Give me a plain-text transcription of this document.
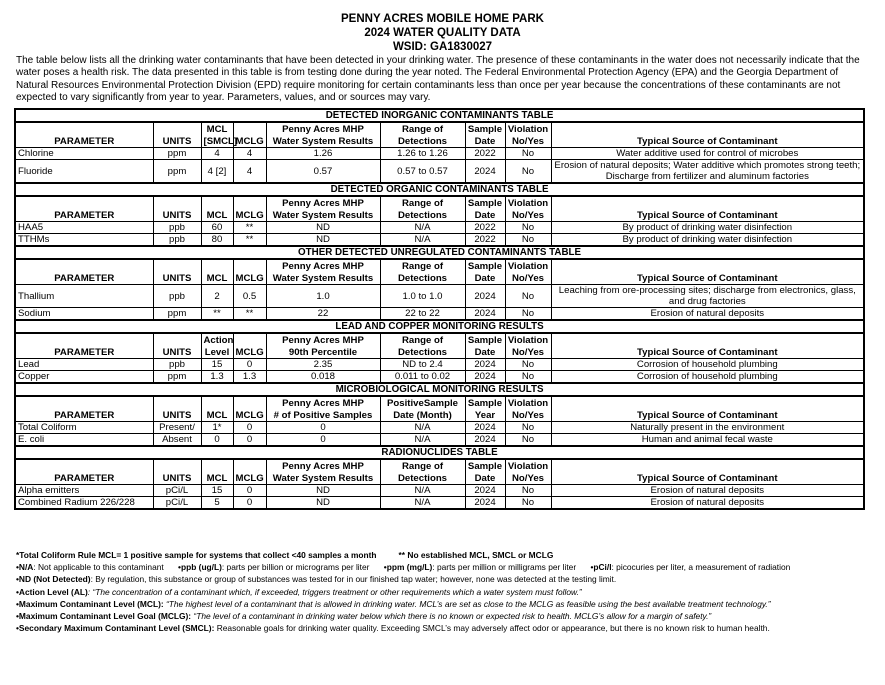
PENNY ACRES MOBILE HOME PARK
2024 WATER QUALITY DATA
WSID: GA1830027
The table below lists all the drinking water contaminants that have been detected in your drinking water. The presence of these contaminants in the water does not necessarily indicate that the water poses a health risk. The data presented in this table is from testing done during the year noted. The Federal Environmental Protection Agency (EPA) and the Georgia Department of Natural Resources Environmental Protection Division (EPD) require monitoring for certain contaminants less than once per year because the concentrations of these contaminants are not expected to vary significantly from year to year. Parameters, values, and or sources may vary.
DETECTED INORGANIC CONTAMINANTS TABLE								
		MCL		Penny Acres MHP	Range of	Sample	Violation	
PARAMETER	UNITS	[SMCL]	MCLG	Water System Results	Detections	Date	No/Yes	Typical Source of Contaminant
Chlorine	ppm	4	4	1.26	1.26 to 1.26	2022	No	Water additive used for control of microbes
Fluoride	ppm	4 [2]	4	0.57	0.57 to 0.57	2024	No	Erosion of natural deposits; Water additive which promotes strong teeth; Discharge from fertilizer and aluminum factories
DETECTED ORGANIC CONTAMINANTS TABLE								
				Penny Acres MHP	Range of	Sample	Violation	
PARAMETER	UNITS	MCL	MCLG	Water System Results	Detections	Date	No/Yes	Typical Source of Contaminant
HAA5	ppb	60	**	ND	N/A	2022	No	By product of drinking water disinfection
TTHMs	ppb	80	**	ND	N/A	2022	No	By product of drinking water disinfection
OTHER DETECTED UNREGULATED CONTAMINANTS TABLE								
				Penny Acres MHP	Range of	Sample	Violation	
PARAMETER	UNITS	MCL	MCLG	Water System Results	Detections	Date	No/Yes	Typical Source of Contaminant
Thallium	ppb	2	0.5	1.0	1.0 to 1.0	2024	No	Leaching from ore-processing sites; discharge from electronics, glass, and drug factories
Sodium	ppm	**	**	22	22 to 22	2024	No	Erosion of natural deposits
LEAD AND COPPER MONITORING RESULTS								
		Action		Penny Acres MHP	Range of	Sample	Violation	
PARAMETER	UNITS	Level	MCLG	90th Percentile	Detections	Date	No/Yes	Typical Source of Contaminant
Lead	ppb	15	0	2.35	ND to 2.4	2024	No	Corrosion of household plumbing
Copper	ppm	1.3	1.3	0.018	0.011 to 0.02	2024	No	Corrosion of household plumbing
MICROBIOLOGICAL MONITORING RESULTS								
				Penny Acres MHP	PositiveSample	Sample	Violation	
PARAMETER	UNITS	MCL	MCLG	# of Positive Samples	Date (Month)	Year	No/Yes	Typical Source of Contaminant
Total Coliform	Present/	1*	0	0	N/A	2024	No	Naturally present in the environment
E. coli	Absent	0	0	0	N/A	2024	No	Human and animal fecal waste
RADIONUCLIDES TABLE								
				Penny Acres MHP	Range of	Sample	Violation	
PARAMETER	UNITS	MCL	MCLG	Water System Results	Detections	Date	No/Yes	Typical Source of Contaminant
Alpha emitters	pCi/L	15	0	ND	N/A	2024	No	Erosion of natural deposits
Combined Radium 226/228	pCi/L	5	0	ND	N/A	2024	No	Erosion of natural deposits
*Total Coliform Rule MCL= 1 positive sample for systems that collect <40 samples a month	** No established MCL, SMCL or MCLG
•N/A: Not applicable to this contaminant •ppb (ug/L): parts per billion or micrograms per liter •ppm (mg/L): parts per million or milligrams per liter •pCi/l: picocuries per liter, a measurement of radiation
•ND (Not Detected): By regulation, this substance or group of substances was tested for in our finished tap water; however, none was detected at the testing limit.
•Action Level (AL): “The concentration of a contaminant which, if exceeded, triggers treatment or other requirements which a water system must follow.”
•Maximum Contaminant Level (MCL): “The highest level of a contaminant that is allowed in drinking water. MCL’s are set as close to the MCLG as feasible using the best available treatment technology.”
•Maximum Contaminant Level Goal (MCLG): “The level of a contaminant in drinking water below which there is no known or expected risk to health. MCLG’s allow for a margin of safety.”
•Secondary Maximum Contaminant Level (SMCL): Reasonable goals for drinking water quality. Exceeding SMCL’s may adversely affect odor or appearance, but there is no known risk to human health.
